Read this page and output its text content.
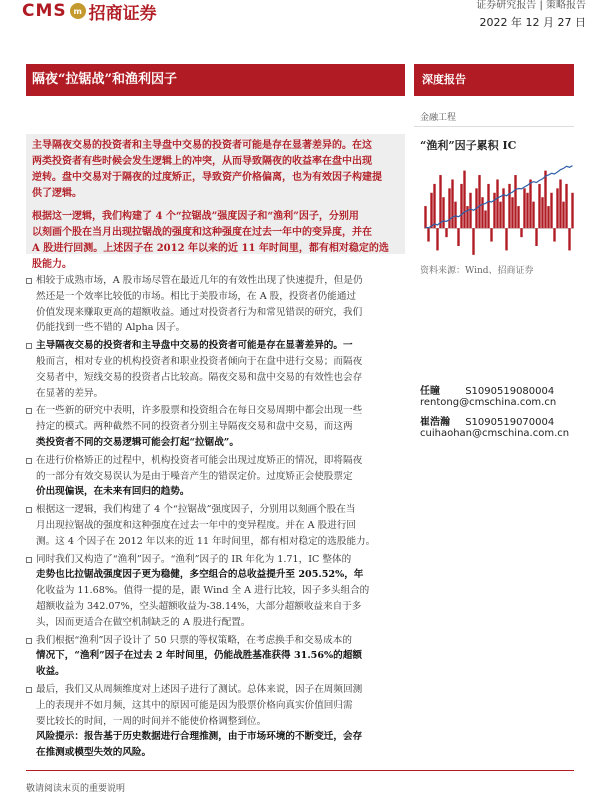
CMS m 招商证券	证券研究报告 | 策略报告
2022 年 12 月 27 日
隔夜“拉锯战”和渔利因子	深度报告
主导隔夜交易的投资者和主导盘中交易的投资者可能是存在显著差异的。在这
两类投资者有些时候会发生逻辑上的冲突，从而导致隔夜的收益率在盘中出现
逆转。盘中交易对于隔夜的过度矫正，导致资产价格偏离，也为有效因子构建提
供了逻辑。
根据这一逻辑，我们构建了 4 个“拉锯战”强度因子和“渔利”因子，分别用
以刻画个股在当月出现拉锯战的强度和这种强度在过去一年中的变异度，并在
A 股进行回测。上述因子在 2012 年以来的近 11 年时间里，都有相对稳定的选
股能力。
相较于成熟市场，A 股市场尽管在最近几年的有效性出现了快速提升，但是仍
然还是一个效率比较低的市场。相比于美股市场，在 A 股，投资者仍能通过
价值发现来赚取更高的超额收益。通过对投资者行为和常见错误的研究，我们
仍能找到一些不错的 Alpha 因子。
主导隔夜交易的投资者和主导盘中交易的投资者可能是存在显著差异的。一
般而言，相对专业的机构投资者和职业投资者倾向于在盘中进行交易；而隔夜
交易者中，短线交易的投资者占比较高。隔夜交易和盘中交易的有效性也会存
在显著的差异。
在一些新的研究中表明，许多股票和投资组合在每日交易周期中都会出现一些
持定的模式。两种截然不同的投资者分别主导隔夜交易和盘中交易，而这两
类投资者不同的交易逻辑可能会打起“拉锯战”。
在进行价格矫正的过程中，机构投资者可能会出现过度矫正的情况，即将隔夜
的一部分有效交易误认为是由于噪音产生的错误定价。过度矫正会使股票定
价出现偏误，在未来有回归的趋势。
根据这一逻辑，我们构建了 4 个“拉锯战”强度因子，分别用以刻画个股在当
月出现拉锯战的强度和这种强度在过去一年中的变异程度。并在 A 股进行回
测。这 4 个因子在 2012 年以来的近 11 年时间里，都有相对稳定的选股能力。
同时我们又构造了“渔利”因子。“渔利”因子的 IR 年化为 1.71，IC 整体的
走势也比拉锯战强度因子更为稳健，多空组合的总收益提升至 205.52%，年
化收益为 11.68%。值得一提的是，跟 Wind 全 A 进行比较，因子多头组合的
超额收益为 342.07%，空头超额收益为-38.14%，大部分超额收益来自于多
头，因而更适合在做空机制缺乏的 A 股进行配置。
我们根据“渔利”因子设计了 50 只票的等权策略，在考虑换手和交易成本的
情况下，“渔利”因子在过去 2 年时间里，仍能战胜基准获得 31.56%的超额
收益。
最后，我们又从周频维度对上述因子进行了测试。总体来说，因子在周频回测
上的表现并不如月频，这其中的原因可能是因为股票价格向真实价值回归需
要比较长的时间，一周的时间并不能使价格调整到位。
风险提示：报告基于历史数据进行合理推测，由于市场环境的不断变迁，会存
在推测或模型失效的风险。
金融工程
“渔利”因子累积 IC
资料来源：Wind、招商证券
任瞳	S1090519080004
rentong@cmschina.com.cn
崔浩瀚 S1090519070004
cuihaohan@cmschina.com.cn
敬请阅读末页的重要说明
